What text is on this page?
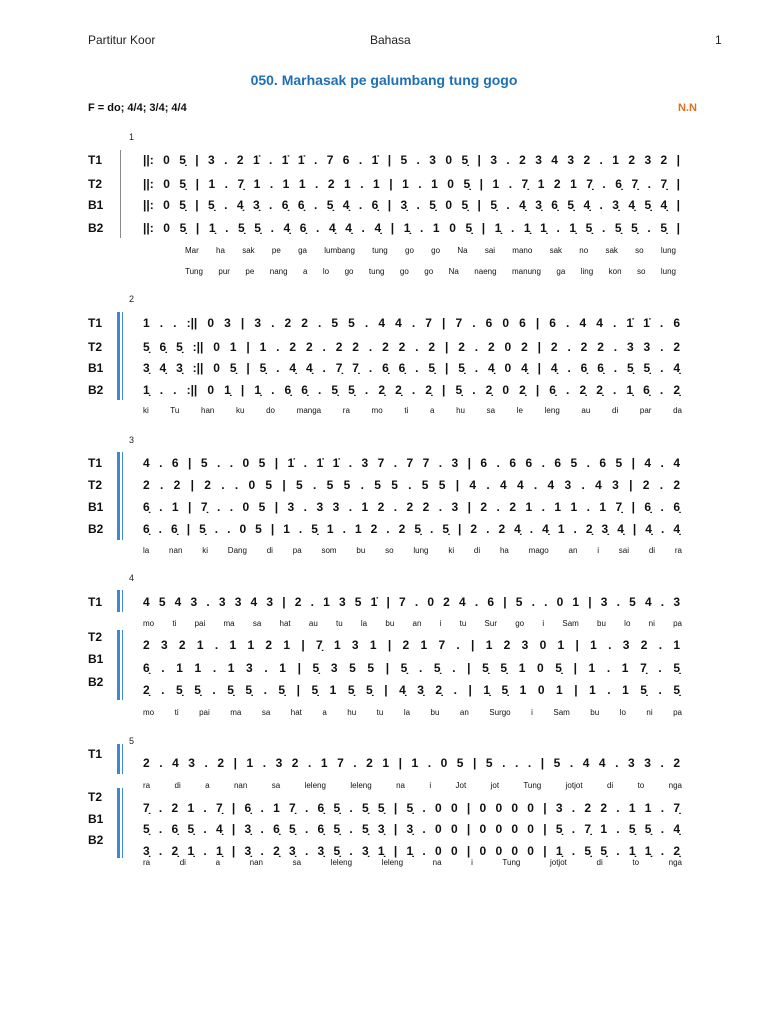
Partitur Koor	Bahasa	1
050. Marhasak pe galumbang tung gogo
F = do; 4/4; 3/4; 4/4	N.N
1
T1
T2
B1
B2
||: 0 5̣ | 3 . 2 1̇ . 1̇ 1̇ . 7 6 . 1̇ | 5 . 3 0 5̣ | 3 . 2 3 4 3 2 . 1 2 3 2 |
||: 0 5̣ | 1 . 7̣ 1 . 1 1 . 2 1 . 1 | 1 . 1 0 5̣ | 1 . 7̣ 1 2 1 7̣ . 6̣ 7̣ . 7̣ |
||: 0 5̣ | 5̣ . 4̣ 3̣ . 6̣ 6̣ . 5̣ 4̣ . 6̣ | 3̣ . 5̣ 0 5̣ | 5̣ . 4̣ 3̣ 6̣ 5̣ 4̣ . 3̣ 4̣ 5̣ 4̣ |
||: 0 5̣ | 1̣ . 5̣ 5̣ . 4̣ 6̣ . 4̣ 4̣ . 4̣ | 1̣ . 1 0 5̣ | 1̣ . 1̣ 1̣ . 1̣ 5̣ . 5̣ 5̣ . 5̣ |
Mar ha sak pe ga lumbang tung go go Na sai mano sak no sak so lung
Tung pur pe nang a lo go tung go go Na naeng manung ga ling kon so lung
2
T1
T2
B1
B2
1 . . :|| 0 3 | 3 . 2 2 . 5 5 . 4 4 . 7 | 7 . 6 0 6 | 6 . 4 4 . 1̇ 1̇ . 6
5̣ 6̣ 5̣ :|| 0 1 | 1 . 2 2 . 2 2 . 2 2 . 2 | 2 . 2 0 2 | 2 . 2 2 . 3 3 . 2
3̣ 4̣ 3̣ :|| 0 5̣ | 5̣ . 4̣ 4̣ . 7̣ 7̣ . 6̣ 6̣ . 5̣ | 5̣ . 4̣ 0 4̣ | 4̣ . 6̣ 6̣ . 5̣ 5̣ . 4̣
1̣ . . :|| 0 1̣ | 1̣ . 6̣ 6̣ . 5̣ 5̣ . 2̣ 2̣ . 2̣ | 5̣ . 2̣ 0 2̣ | 6̣ . 2̣ 2̣ . 1̣ 6̣ . 2̣
ki Tu han ku do manga ra mo ti a hu sa le leng au di par da
3
T1
T2
B1
B2
4 . 6 | 5 . . 0 5 | 1̇ . 1̇ 1̇ . 3 7 . 7 7 . 3 | 6 . 6 6 . 6 5 . 6 5 | 4 . 4
2 . 2 | 2 . . 0 5 | 5 . 5 5 . 5 5 . 5 5 | 4 . 4 4 . 4 3 . 4 3 | 2 . 2
6̣ . 1 | 7̣ . . 0 5 | 3 . 3 3 . 1 2 . 2 2 . 3 | 2 . 2 1 . 1 1 . 1 7̣ | 6̣ . 6̣
6̣ . 6̣ | 5̣ . . 0 5 | 1 . 5̣ 1 . 1 2 . 2 5̣ . 5̣ | 2 . 2 4̣ . 4̣ 1 . 2̣ 3̣ 4̣ | 4̣ . 4̣
la nan ki Dang di pa som bu so lung ki di ha mago an i sai di ra
4
T1
T2
B1
B2
4 5 4 3 . 3 3 4 3 | 2 . 1 3 5 1̇ | 7 . 0 2 4 . 6 | 5 . . 0 1 | 3 . 5 4 . 3
mo ti pai ma sa hat au tu la bu an i tu Sur go i Sam bu lo ni pa
2 3 2 1 . 1 1 2 1 | 7̣ 1 3 1 | 2 1 7 . | 1 2 3 0 1 | 1 . 3 2 . 1
6̣ . 1 1 . 1 3 . 1 | 5̣ 3 5 5 | 5̣ . 5̣ . | 5̣ 5̣ 1 0 5̣ | 1 . 1 7̣ . 5̣
2̣ . 5̣ 5̣ . 5̣ 5̣ . 5̣ | 5̣ 1 5̣ 5̣ | 4̣ 3̣ 2̣ . | 1̣ 5̣ 1 0 1 | 1 . 1 5̣ . 5̣
mo ti pai ma sa hat a hu tu la bu an Surgo i Sam bu lo ni pa
5
T1
T2
B1
B2
2 . 4 3 . 2 | 1 . 3 2 . 1 7 . 2 1 | 1 . 0 5 | 5 . . . | 5 . 4 4 . 3 3 . 2
ra di a nan sa leleng leleng na i Jot jot Tung jotjot di to nga
7̣ . 2 1 . 7̣ | 6̣ . 1 7̣ . 6̣ 5̣ . 5̣ 5̣ | 5̣ . 0 0 | 0 0 0 0 | 3 . 2 2 . 1 1 . 7̣
5̣ . 6̣ 5̣ . 4̣ | 3̣ . 6̣ 5̣ . 6̣ 5̣ . 5̣ 3̣ | 3̣ . 0 0 | 0 0 0 0 | 5̣ . 7̣ 1 . 5̣ 5̣ . 4̣
3̣ . 2̣ 1̣ . 1̣ | 3̣ . 2̣ 3̣ . 3̣ 5̣ . 3̣ 1̣ | 1̣ . 0 0 | 0 0 0 0 | 1̣ . 5̣ 5̣ . 1̣ 1̣ . 2̣
ra di a nan sa leleng leleng na i Tung jotjot di to nga
